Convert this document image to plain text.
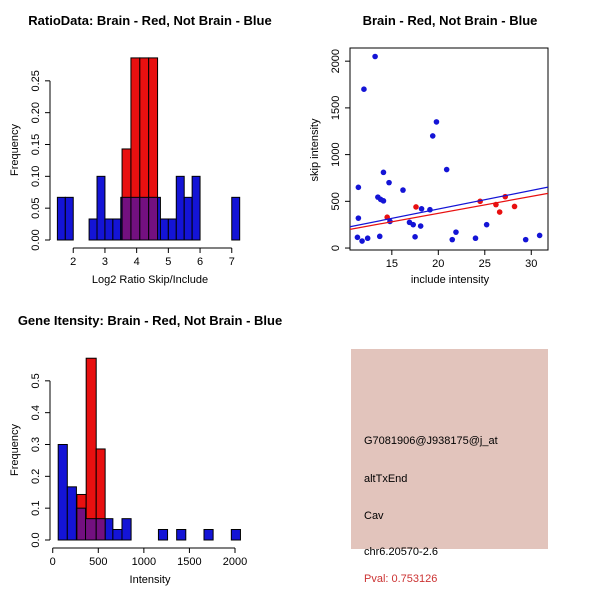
RatioData: Brain - Red, Not Brain - Blue
Frequency
Log2 Ratio Skip/Include
2 3 4 5 6 7
0.00
0.05
0.10
0.15
0.20
0.25
Brain - Red, Not Brain - Blue
skip intensity
include intensity
15	20	25	30
0
500
1000
1500
2000
Gene Itensity: Brain - Red, Not Brain - Blue
Frequency
Intensity
0	500 1000 1500 2000
0.0
0.1
0.2
0.3
0.4
0.5
G7081906@J938175@j_at
altTxEnd
Cav
chr6.20570-2.6
Pval: 0.753126
